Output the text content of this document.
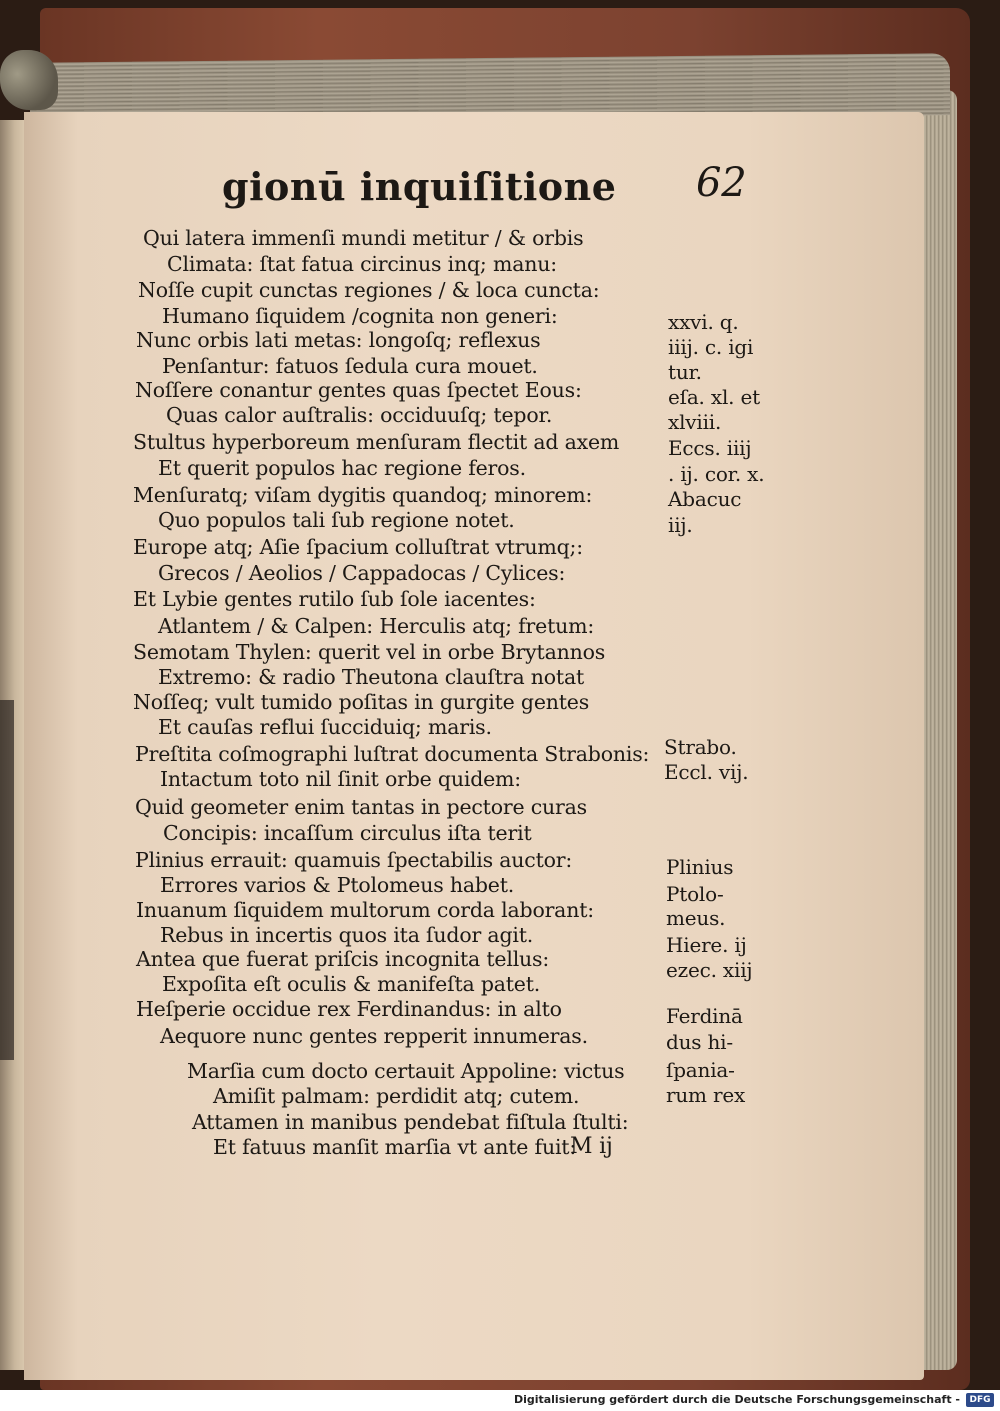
gionū inquiſitione 62
Qui latera immenſi mundi metitur / & orbis
Climata: ſtat fatua circinus inq; manu:
Noſſe cupit cunctas regiones / & loca cuncta:
Humano ſiquidem /cognita non generi:
Nunc orbis lati metas: longoſq; reflexus
Penſantur: fatuos ſedula cura mouet.
Noſſere conantur gentes quas ſpectet Eous:
Quas calor auſtralis: occiduuſq; tepor.
Stultus hyperboreum menſuram flectit ad axem
Et querit populos hac regione feros.
Menſuratq; viſam dygitis quandoq; minorem:
Quo populos tali ſub regione notet.
Europe atq; Aſie ſpacium colluſtrat vtrumq;:
Grecos / Aeolios / Cappadocas / Cylices:
Et Lybie gentes rutilo ſub ſole iacentes:
Atlantem / & Calpen: Herculis atq; fretum:
Semotam Thylen: querit vel in orbe Brytannos
Extremo: & radio Theutona clauſtra notat
Noſſeq; vult tumido poſitas in gurgite gentes
Et cauſas reflui ſucciduiq; maris.
Preſtita coſmographi luſtrat documenta Strabonis:
Intactum toto nil ſinit orbe quidem:
Quid geometer enim tantas in pectore curas
Concipis: incaſſum circulus iſta terit
Plinius errauit: quamuis ſpectabilis auctor:
Errores varios & Ptolomeus habet.
Inuanum ſiquidem multorum corda laborant:
Rebus in incertis quos ita ſudor agit.
Antea que fuerat priſcis incognita tellus:
Expoſita eſt oculis & manifeſta patet.
Heſperie occidue rex Ferdinandus: in alto
Aequore nunc gentes repperit innumeras.
Marſia cum docto certauit Appoline: victus
Amiſit palmam: perdidit atq; cutem.
Attamen in manibus pendebat fiſtula ſtulti:
Et fatuus manſit marſia vt ante fuit:
M ij
xxvi. q.
iiij. c. igi
tur.
eſa. xl. et
xlviii.
Eccs. iiij
. ij. cor. x.
Abacuc
iij.
Strabo.
Eccl. vij.
Plinius
Ptolo-
meus.
Hiere. ij
ezec. xiij
Ferdinā
dus hi-
ſpania-
rum rex
Digitalisierung gefördert durch die Deutsche Forschungsgemeinschaft -	DFG
